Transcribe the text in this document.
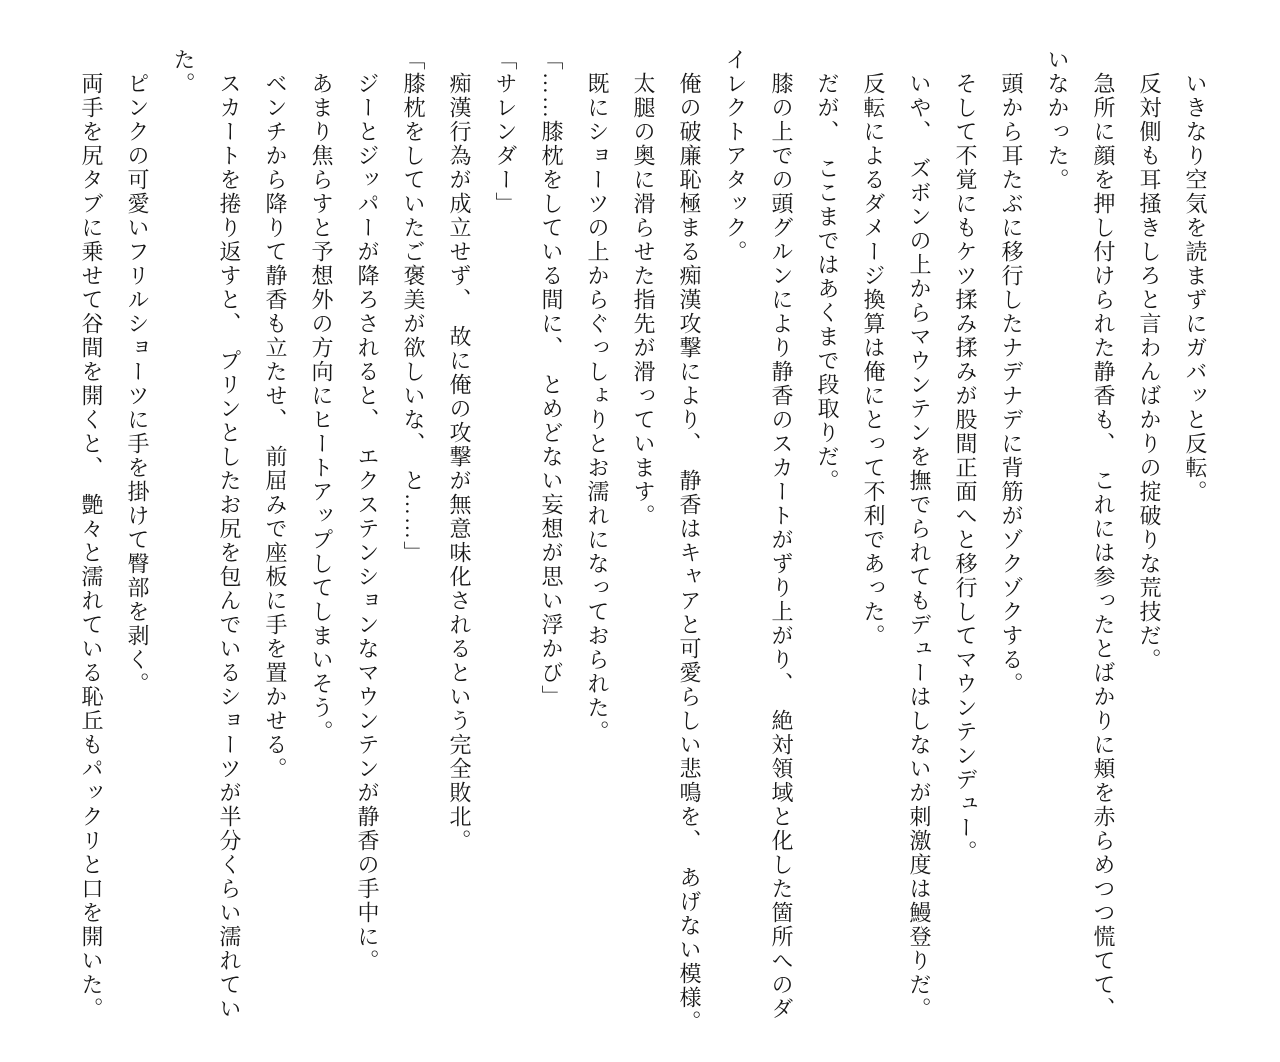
　いきなり空気を読まずにガバッと反転。
　反対側も耳掻きしろと言わんばかりの掟破りな荒技だ。
　急所に顔を押し付けられた静香も、　これには参ったとばかりに頬を赤らめつつ慌てて、
いなかった。
　頭から耳たぶに移行したナデナデに背筋がゾクゾクする。
　そして不覚にもケツ揉み揉みが股間正面へと移行してマウンテンデュー。
　いや、　ズボンの上からマウンテンを撫でられてもデューはしないが刺激度は鰻登りだ。
　反転によるダメージ換算は俺にとって不利であった。
　だが、　ここまではあくまで段取りだ。
　膝の上での頭グルンにより静香のスカートがずり上がり、　絶対領域と化した箇所へのダ
イレクトアタック。
　俺の破廉恥極まる痴漢攻撃により、　静香はキャアと可愛らしい悲鳴を、　あげない模様。
　太腿の奥に滑らせた指先が滑っています。
　既にショーツの上からぐっしょりとお濡れになっておられた。
「……膝枕をしている間に、　とめどない妄想が思い浮かび」
「サレンダー」
　痴漢行為が成立せず、　故に俺の攻撃が無意味化されるという完全敗北。
「膝枕をしていたご褒美が欲しいな、　と……」
　ジーとジッパーが降ろされると、　エクステンションなマウンテンが静香の手中に。
　あまり焦らすと予想外の方向にヒートアップしてしまいそう。
　ベンチから降りて静香も立たせ、　前屈みで座板に手を置かせる。
　スカートを捲り返すと、　プリンとしたお尻を包んでいるショーツが半分くらい濡れてい
た。
　ピンクの可愛いフリルショーツに手を掛けて臀部を剥く。
　両手を尻タブに乗せて谷間を開くと、　艶々と濡れている恥丘もパックリと口を開いた。
